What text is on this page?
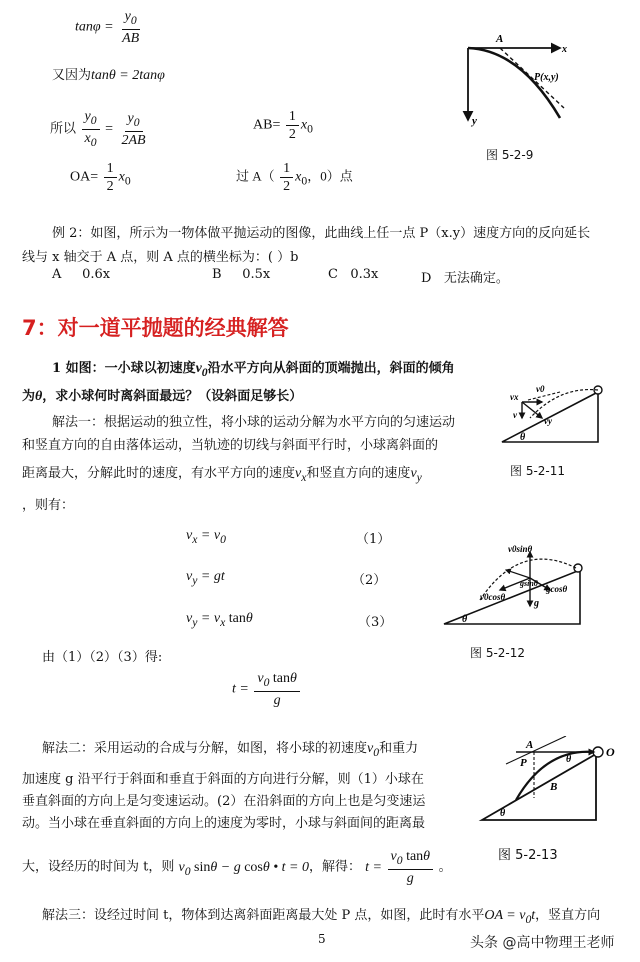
$\tan\varphi = \frac{y_0}{AB}$
又因为tanθ = 2tanφ
所以 $\frac{y_0}{x_0} = \frac{y_0}{2AB}$	$AB= \frac{1}{2} x_0$
$OA= \frac{1}{2} x_0$	过 $A( \frac{1}{2} x_0$，0）点
A
x
P(x,y)
y
图 5-2-9
例 2：如图，所示为一物体做平抛运动的图像，此曲线上任一点 P（x.y）速度方向的反向延长
线与 x 轴交于 A 点，则 A 点的横坐标为：( ）b
A 0.6x	B 0.5x	C 0.3x	D 无法确定。
7：对一道平抛题的经典解答
1 如图：一小球以初速度$v_0$沿水平方向从斜面的顶端抛出，斜面的倾角
为θ，求小球何时离斜面最远？（设斜面足够长）
解法一：根据运动的独立性，将小球的运动分解为水平方向的匀速运动
和竖直方向的自由落体运动，当轨迹的切线与斜面平行时，小球离斜面的
距离最大，分解此时的速度，有水平方向的速度$v_x$和竖直方向的速度$v_y$
，则有：
$v_x = v_0$	（1）
$v_y$ = gt	（2）
$v_y = v_x$ tanθ	（3）
由（1）（2）（3）得:
$t = \frac{v_0 \tan\theta}{g}$
v0
vx
v
vy
θ
图 5-2-11
v0sinθ
gsinθ
gcosθ
v0cosθ
g
θ
图 5-2-12
解法二：采用运动的合成与分解，如图，将小球的初速度$v_0$和重力
加速度 g 沿平行于斜面和垂直于斜面的方向进行分解，则（1）小球在
垂直斜面的方向上是匀变速运动。(2）在沿斜面的方向上也是匀变速运
动。当小球在垂直斜面的方向上的速度为零时，小球与斜面间的距离最
大，设经历的时间为 t，则 $v_0$ sinθ − g cosθ • t = 0，解得： $t = \frac{v_0 \tan\theta}{g}$ 。
A
P
B
O
θ
θ
图 5-2-13
解法三：设经过时间 t，物体到达离斜面距离最大处 P 点，如图，此时有水平OA = $v_0t$，竖直方向
5	头条 @高中物理王老师
